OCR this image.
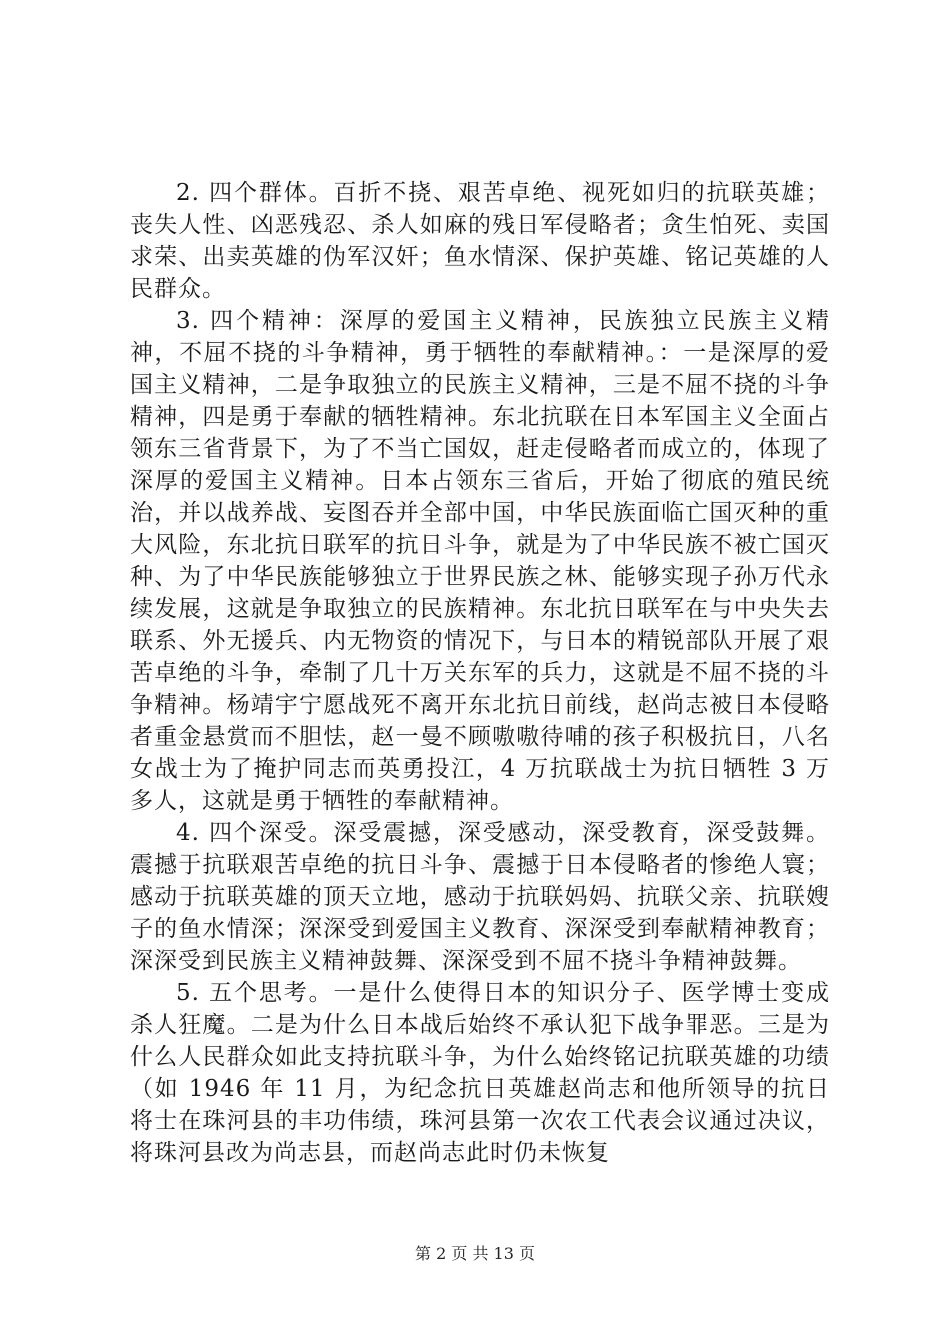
2. 四个群体。百折不挠、艰苦卓绝、视死如归的抗联英雄；丧失人性、凶恶残忍、杀人如麻的残日军侵略者；贪生怕死、卖国求荣、出卖英雄的伪军汉奸；鱼水情深、保护英雄、铭记英雄的人民群众。

3. 四个精神：深厚的爱国主义精神，民族独立民族主义精神，不屈不挠的斗争精神，勇于牺牲的奉献精神。：一是深厚的爱国主义精神，二是争取独立的民族主义精神，三是不屈不挠的斗争精神，四是勇于奉献的牺牲精神。东北抗联在日本军国主义全面占领东三省背景下，为了不当亡国奴，赶走侵略者而成立的，体现了深厚的爱国主义精神。日本占领东三省后，开始了彻底的殖民统治，并以战养战、妄图吞并全部中国，中华民族面临亡国灭种的重大风险，东北抗日联军的抗日斗争，就是为了中华民族不被亡国灭种、为了中华民族能够独立于世界民族之林、能够实现子孙万代永续发展，这就是争取独立的民族精神。东北抗日联军在与中央失去联系、外无援兵、内无物资的情况下，与日本的精锐部队开展了艰苦卓绝的斗争，牵制了几十万关东军的兵力，这就是不屈不挠的斗争精神。杨靖宇宁愿战死不离开东北抗日前线，赵尚志被日本侵略者重金悬赏而不胆怯，赵一曼不顾嗷嗷待哺的孩子积极抗日，八名女战士为了掩护同志而英勇投江，4 万抗联战士为抗日牺牲 3 万多人，这就是勇于牺牲的奉献精神。

4. 四个深受。深受震撼，深受感动，深受教育，深受鼓舞。震撼于抗联艰苦卓绝的抗日斗争、震撼于日本侵略者的惨绝人寰；感动于抗联英雄的顶天立地，感动于抗联妈妈、抗联父亲、抗联嫂子的鱼水情深；深深受到爱国主义教育、深深受到奉献精神教育；深深受到民族主义精神鼓舞、深深受到不屈不挠斗争精神鼓舞。

5. 五个思考。一是什么使得日本的知识分子、医学博士变成杀人狂魔。二是为什么日本战后始终不承认犯下战争罪恶。三是为什么人民群众如此支持抗联斗争，为什么始终铭记抗联英雄的功绩（如 1946 年 11 月，为纪念抗日英雄赵尚志和他所领导的抗日将士在珠河县的丰功伟绩，珠河县第一次农工代表会议通过决议，将珠河县改为尚志县，而赵尚志此时仍未恢复

第 2 页 共 13 页
